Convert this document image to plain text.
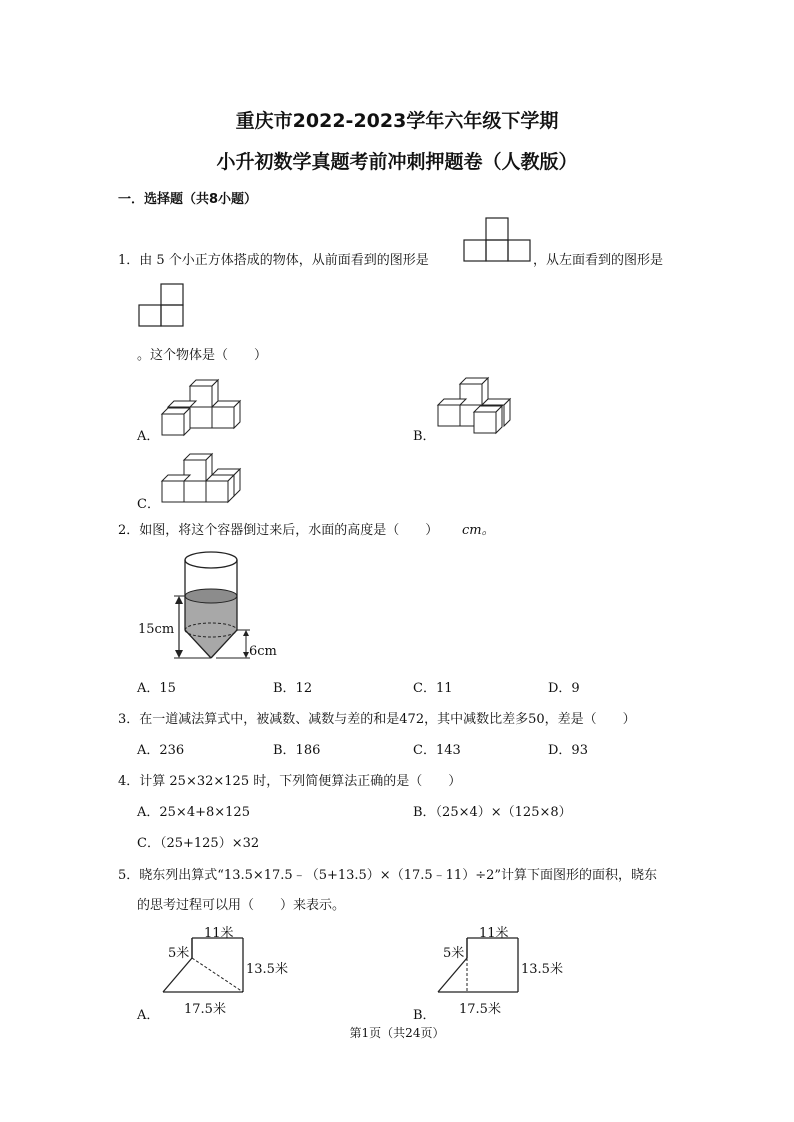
重庆市2022-2023学年六年级下学期
小升初数学真题考前冲刺押题卷（人教版）
一．选择题（共8小题）
1．由 5 个小正方体搭成的物体，从前面看到的图形是	，从左面看到的图形是
。这个物体是（　　）
A．	B．
C．
2．如图，将这个容器倒过来后，水面的高度是（　　） cm。
15cm
6cm
A．15	B．12	C．11	D．9
3．在一道减法算式中，被减数、减数与差的和是472，其中减数比差多50，差是（　　）
A．236	B．186	C．143	D．93
4．计算 25×32×125 时，下列简便算法正确的是（　　）
A．25×4+8×125	B．（25×4）×（125×8）
C．（25+125）×32
5．晓东列出算式“13.5×17.5﹣（5+13.5）×（17.5﹣11）÷2”计算下面图形的面积，晓东
的思考过程可以用（　　）来表示。
11米
5米
13.5米
17.5米
A．
11米
5米
13.5米
17.5米
B．
第1页（共24页）
